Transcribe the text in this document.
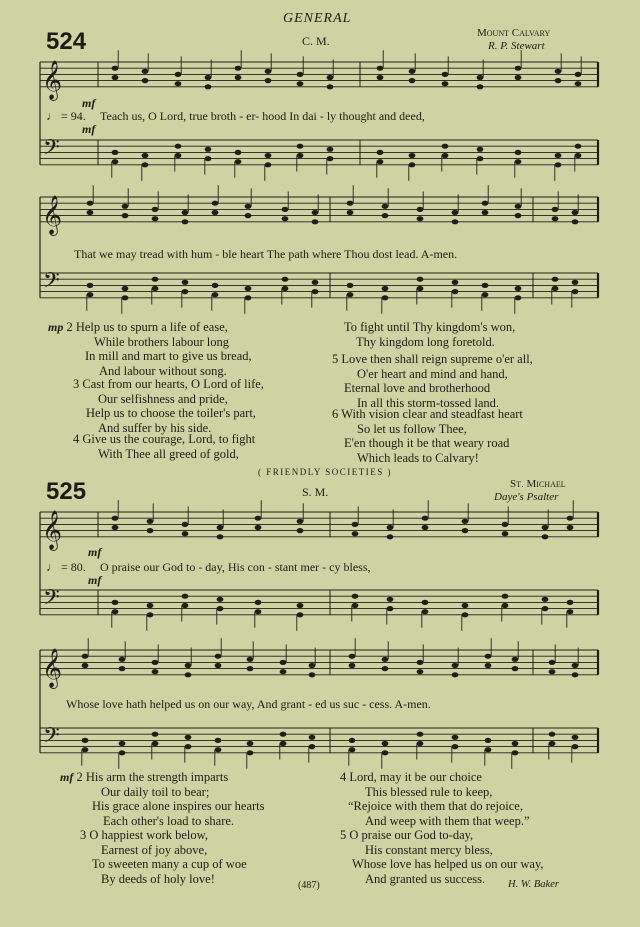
𝄞
𝄢
𝄞
𝄢
𝄞
𝄢
𝄞
𝄢
GENERAL
524	C. M.
Mount Calvary
R. P. Stewart
mf
♩ = 94. Teach us, O Lord, true broth - er- hood In dai - ly thought and deed,
mf
That we may tread with hum - ble heart The path where Thou dost lead. A-men.
mp 2 Help us to spurn a life of ease,
While brothers labour long
In mill and mart to give us bread,
And labour without song.
3 Cast from our hearts, O Lord of life,
Our selfishness and pride,
Help us to choose the toiler's part,
And suffer by his side.
4 Give us the courage, Lord, to fight
With Thee all greed of gold,
To fight until Thy kingdom's won,
Thy kingdom long foretold.
5 Love then shall reign supreme o'er all,
O'er heart and mind and hand,
Eternal love and brotherhood
In all this storm-tossed land.
6 With vision clear and steadfast heart
So let us follow Thee,
E'en though it be that weary road
Which leads to Calvary!
( FRIENDLY SOCIETIES )
525	S. M.
St. Michael
Daye's Psalter
mf
♩ = 80. O praise our God to - day, His con - stant mer - cy bless,
mf
Whose love hath helped us on our way, And grant - ed us suc - cess. A-men.
mf 2 His arm the strength imparts
Our daily toil to bear;
His grace alone inspires our hearts
Each other's load to share.
3 O happiest work below,
Earnest of joy above,
To sweeten many a cup of woe
By deeds of holy love!
4 Lord, may it be our choice
This blessed rule to keep,
“Rejoice with them that do rejoice,
And weep with them that weep.”
5 O praise our God to-day,
His constant mercy bless,
Whose love has helped us on our way,
And granted us success.
(487)	H. W. Baker
